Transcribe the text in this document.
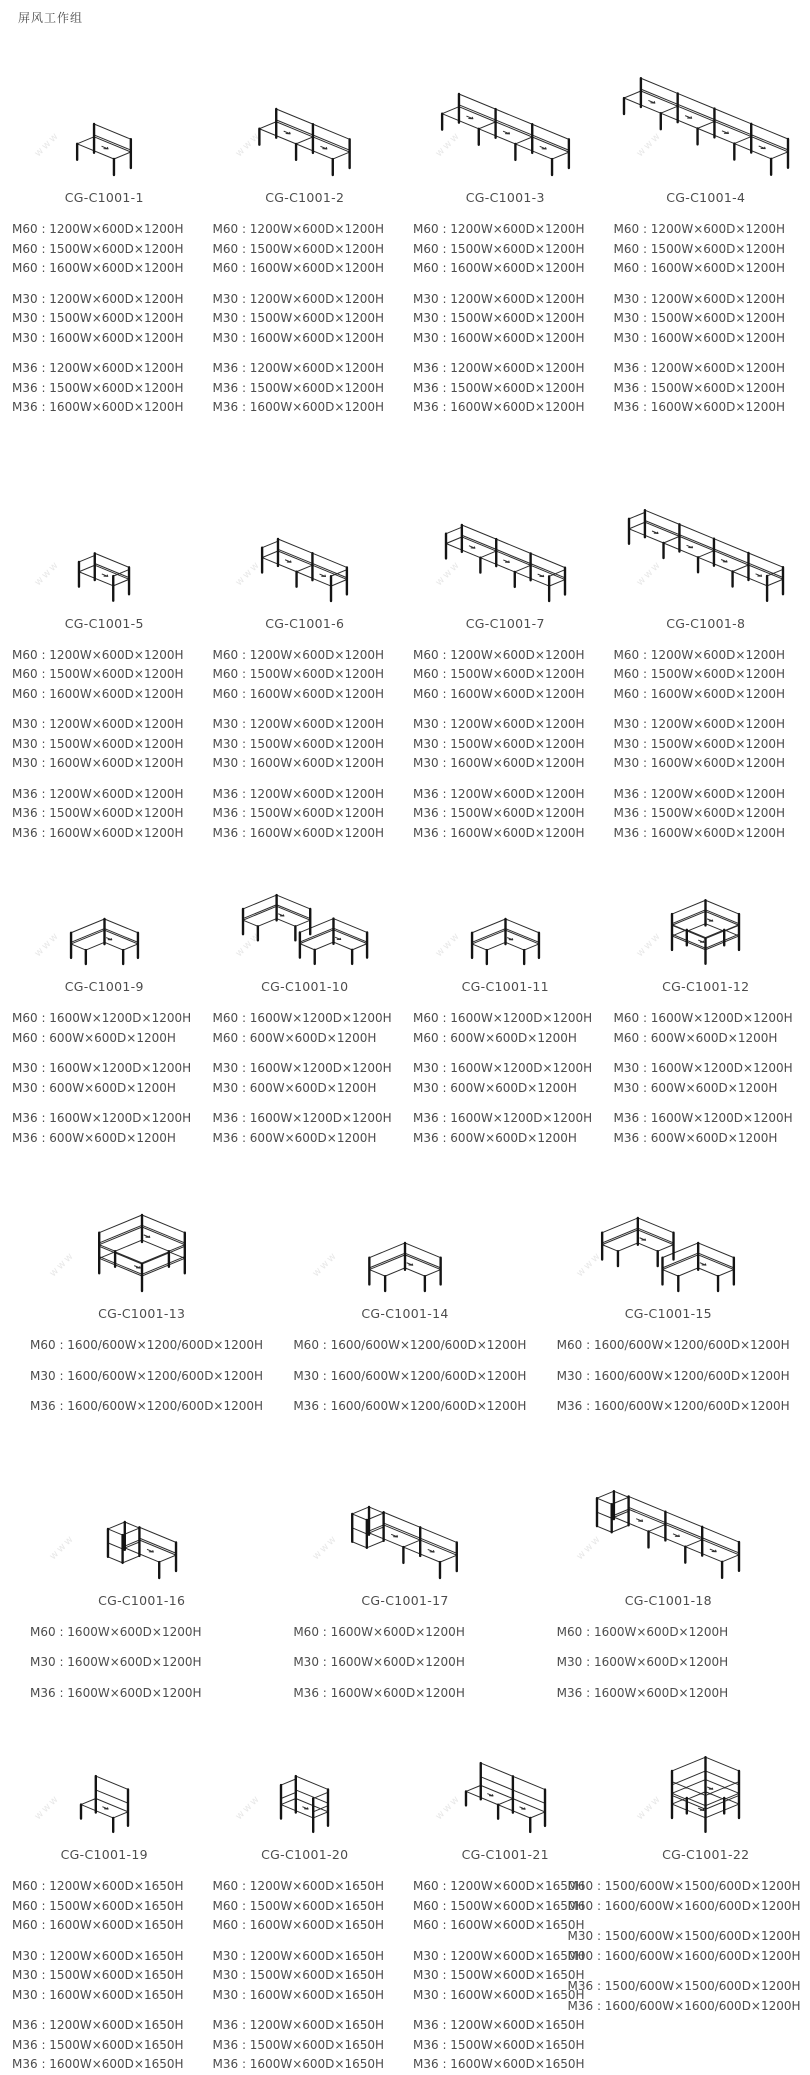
屏风工作组
www
CG-C1001-1
M60 : 1200W×600D×1200H
M60 : 1500W×600D×1200H
M60 : 1600W×600D×1200H
M30 : 1200W×600D×1200H
M30 : 1500W×600D×1200H
M30 : 1600W×600D×1200H
M36 : 1200W×600D×1200H
M36 : 1500W×600D×1200H
M36 : 1600W×600D×1200H
www
CG-C1001-2
M60 : 1200W×600D×1200H
M60 : 1500W×600D×1200H
M60 : 1600W×600D×1200H
M30 : 1200W×600D×1200H
M30 : 1500W×600D×1200H
M30 : 1600W×600D×1200H
M36 : 1200W×600D×1200H
M36 : 1500W×600D×1200H
M36 : 1600W×600D×1200H
www
CG-C1001-3
M60 : 1200W×600D×1200H
M60 : 1500W×600D×1200H
M60 : 1600W×600D×1200H
M30 : 1200W×600D×1200H
M30 : 1500W×600D×1200H
M30 : 1600W×600D×1200H
M36 : 1200W×600D×1200H
M36 : 1500W×600D×1200H
M36 : 1600W×600D×1200H
www
CG-C1001-4
M60 : 1200W×600D×1200H
M60 : 1500W×600D×1200H
M60 : 1600W×600D×1200H
M30 : 1200W×600D×1200H
M30 : 1500W×600D×1200H
M30 : 1600W×600D×1200H
M36 : 1200W×600D×1200H
M36 : 1500W×600D×1200H
M36 : 1600W×600D×1200H
www
CG-C1001-5
M60 : 1200W×600D×1200H
M60 : 1500W×600D×1200H
M60 : 1600W×600D×1200H
M30 : 1200W×600D×1200H
M30 : 1500W×600D×1200H
M30 : 1600W×600D×1200H
M36 : 1200W×600D×1200H
M36 : 1500W×600D×1200H
M36 : 1600W×600D×1200H
www
CG-C1001-6
M60 : 1200W×600D×1200H
M60 : 1500W×600D×1200H
M60 : 1600W×600D×1200H
M30 : 1200W×600D×1200H
M30 : 1500W×600D×1200H
M30 : 1600W×600D×1200H
M36 : 1200W×600D×1200H
M36 : 1500W×600D×1200H
M36 : 1600W×600D×1200H
www
CG-C1001-7
M60 : 1200W×600D×1200H
M60 : 1500W×600D×1200H
M60 : 1600W×600D×1200H
M30 : 1200W×600D×1200H
M30 : 1500W×600D×1200H
M30 : 1600W×600D×1200H
M36 : 1200W×600D×1200H
M36 : 1500W×600D×1200H
M36 : 1600W×600D×1200H
www
CG-C1001-8
M60 : 1200W×600D×1200H
M60 : 1500W×600D×1200H
M60 : 1600W×600D×1200H
M30 : 1200W×600D×1200H
M30 : 1500W×600D×1200H
M30 : 1600W×600D×1200H
M36 : 1200W×600D×1200H
M36 : 1500W×600D×1200H
M36 : 1600W×600D×1200H
www
CG-C1001-9
M60 : 1600W×1200D×1200H
M60 : 600W×600D×1200H
M30 : 1600W×1200D×1200H
M30 : 600W×600D×1200H
M36 : 1600W×1200D×1200H
M36 : 600W×600D×1200H
www
CG-C1001-10
M60 : 1600W×1200D×1200H
M60 : 600W×600D×1200H
M30 : 1600W×1200D×1200H
M30 : 600W×600D×1200H
M36 : 1600W×1200D×1200H
M36 : 600W×600D×1200H
www
CG-C1001-11
M60 : 1600W×1200D×1200H
M60 : 600W×600D×1200H
M30 : 1600W×1200D×1200H
M30 : 600W×600D×1200H
M36 : 1600W×1200D×1200H
M36 : 600W×600D×1200H
www
CG-C1001-12
M60 : 1600W×1200D×1200H
M60 : 600W×600D×1200H
M30 : 1600W×1200D×1200H
M30 : 600W×600D×1200H
M36 : 1600W×1200D×1200H
M36 : 600W×600D×1200H
www
CG-C1001-13
M60 : 1600/600W×1200/600D×1200H
M30 : 1600/600W×1200/600D×1200H
M36 : 1600/600W×1200/600D×1200H
www
CG-C1001-14
M60 : 1600/600W×1200/600D×1200H
M30 : 1600/600W×1200/600D×1200H
M36 : 1600/600W×1200/600D×1200H
www
CG-C1001-15
M60 : 1600/600W×1200/600D×1200H
M30 : 1600/600W×1200/600D×1200H
M36 : 1600/600W×1200/600D×1200H
www
CG-C1001-16
M60 : 1600W×600D×1200H
M30 : 1600W×600D×1200H
M36 : 1600W×600D×1200H
www
CG-C1001-17
M60 : 1600W×600D×1200H
M30 : 1600W×600D×1200H
M36 : 1600W×600D×1200H
www
CG-C1001-18
M60 : 1600W×600D×1200H
M30 : 1600W×600D×1200H
M36 : 1600W×600D×1200H
www
CG-C1001-19
M60 : 1200W×600D×1650H
M60 : 1500W×600D×1650H
M60 : 1600W×600D×1650H
M30 : 1200W×600D×1650H
M30 : 1500W×600D×1650H
M30 : 1600W×600D×1650H
M36 : 1200W×600D×1650H
M36 : 1500W×600D×1650H
M36 : 1600W×600D×1650H
www
CG-C1001-20
M60 : 1200W×600D×1650H
M60 : 1500W×600D×1650H
M60 : 1600W×600D×1650H
M30 : 1200W×600D×1650H
M30 : 1500W×600D×1650H
M30 : 1600W×600D×1650H
M36 : 1200W×600D×1650H
M36 : 1500W×600D×1650H
M36 : 1600W×600D×1650H
www
CG-C1001-21
M60 : 1200W×600D×1650H
M60 : 1500W×600D×1650H
M60 : 1600W×600D×1650H
M30 : 1200W×600D×1650H
M30 : 1500W×600D×1650H
M30 : 1600W×600D×1650H
M36 : 1200W×600D×1650H
M36 : 1500W×600D×1650H
M36 : 1600W×600D×1650H
www
CG-C1001-22
M60 : 1500/600W×1500/600D×1200H
M60 : 1600/600W×1600/600D×1200H
M30 : 1500/600W×1500/600D×1200H
M00 : 1600/600W×1600/600D×1200H
M36 : 1500/600W×1500/600D×1200H
M36 : 1600/600W×1600/600D×1200H
